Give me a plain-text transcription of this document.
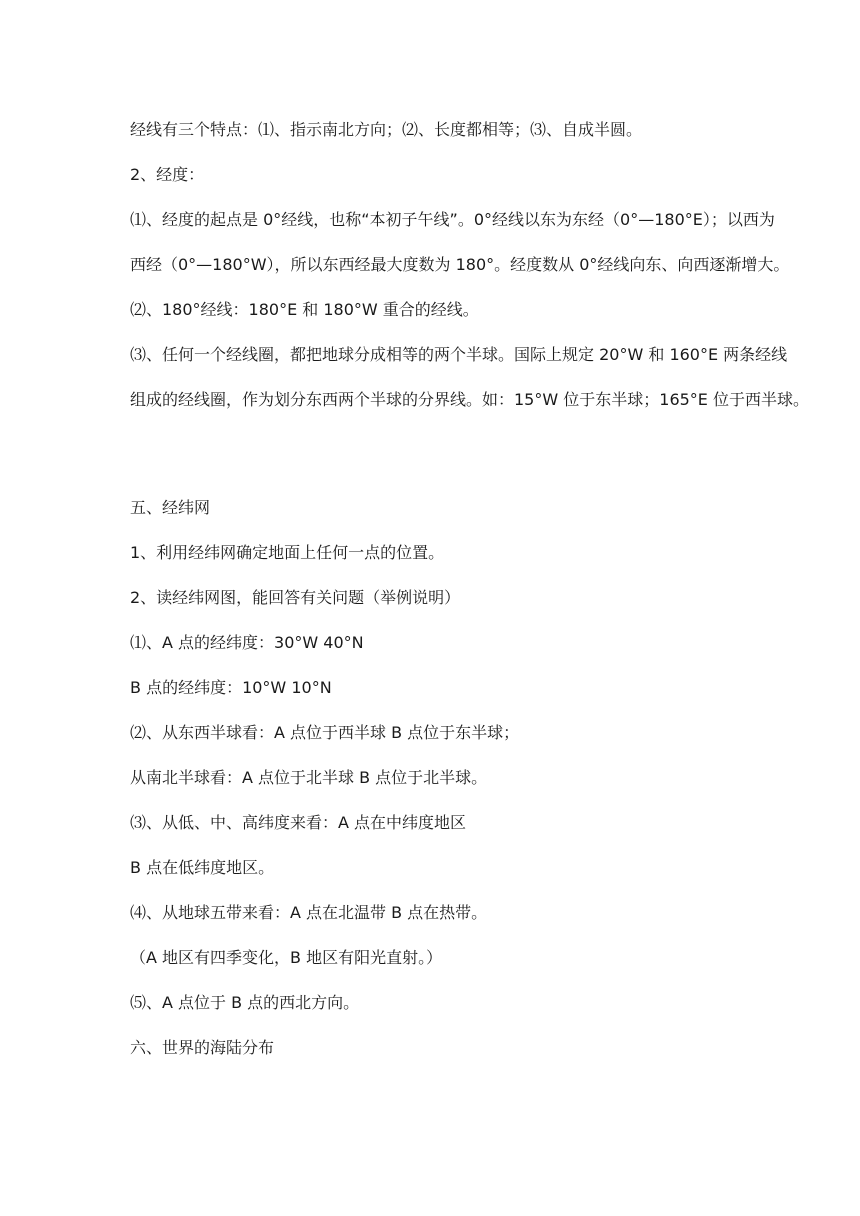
经线有三个特点：⑴、指示南北方向；⑵、长度都相等；⑶、自成半圆。
2、经度：
⑴、经度的起点是 0°经线，也称“本初子午线”。0°经线以东为东经（0°—180°E）；以西为
西经（0°—180°W），所以东西经最大度数为 180°。经度数从 0°经线向东、向西逐渐增大。
⑵、180°经线：180°E 和 180°W 重合的经线。
⑶、任何一个经线圈，都把地球分成相等的两个半球。国际上规定 20°W 和 160°E 两条经线
组成的经线圈，作为划分东西两个半球的分界线。如：15°W 位于东半球；165°E 位于西半球。
五、经纬网
1、利用经纬网确定地面上任何一点的位置。
2、读经纬网图，能回答有关问题（举例说明）
⑴、A 点的经纬度：30°W 40°N
B 点的经纬度：10°W 10°N
⑵、从东西半球看：A 点位于西半球 B 点位于东半球；
从南北半球看：A 点位于北半球 B 点位于北半球。
⑶、从低、中、高纬度来看：A 点在中纬度地区
B 点在低纬度地区。
⑷、从地球五带来看：A 点在北温带 B 点在热带。
（A 地区有四季变化，B 地区有阳光直射。）
⑸、A 点位于 B 点的西北方向。
六、世界的海陆分布
